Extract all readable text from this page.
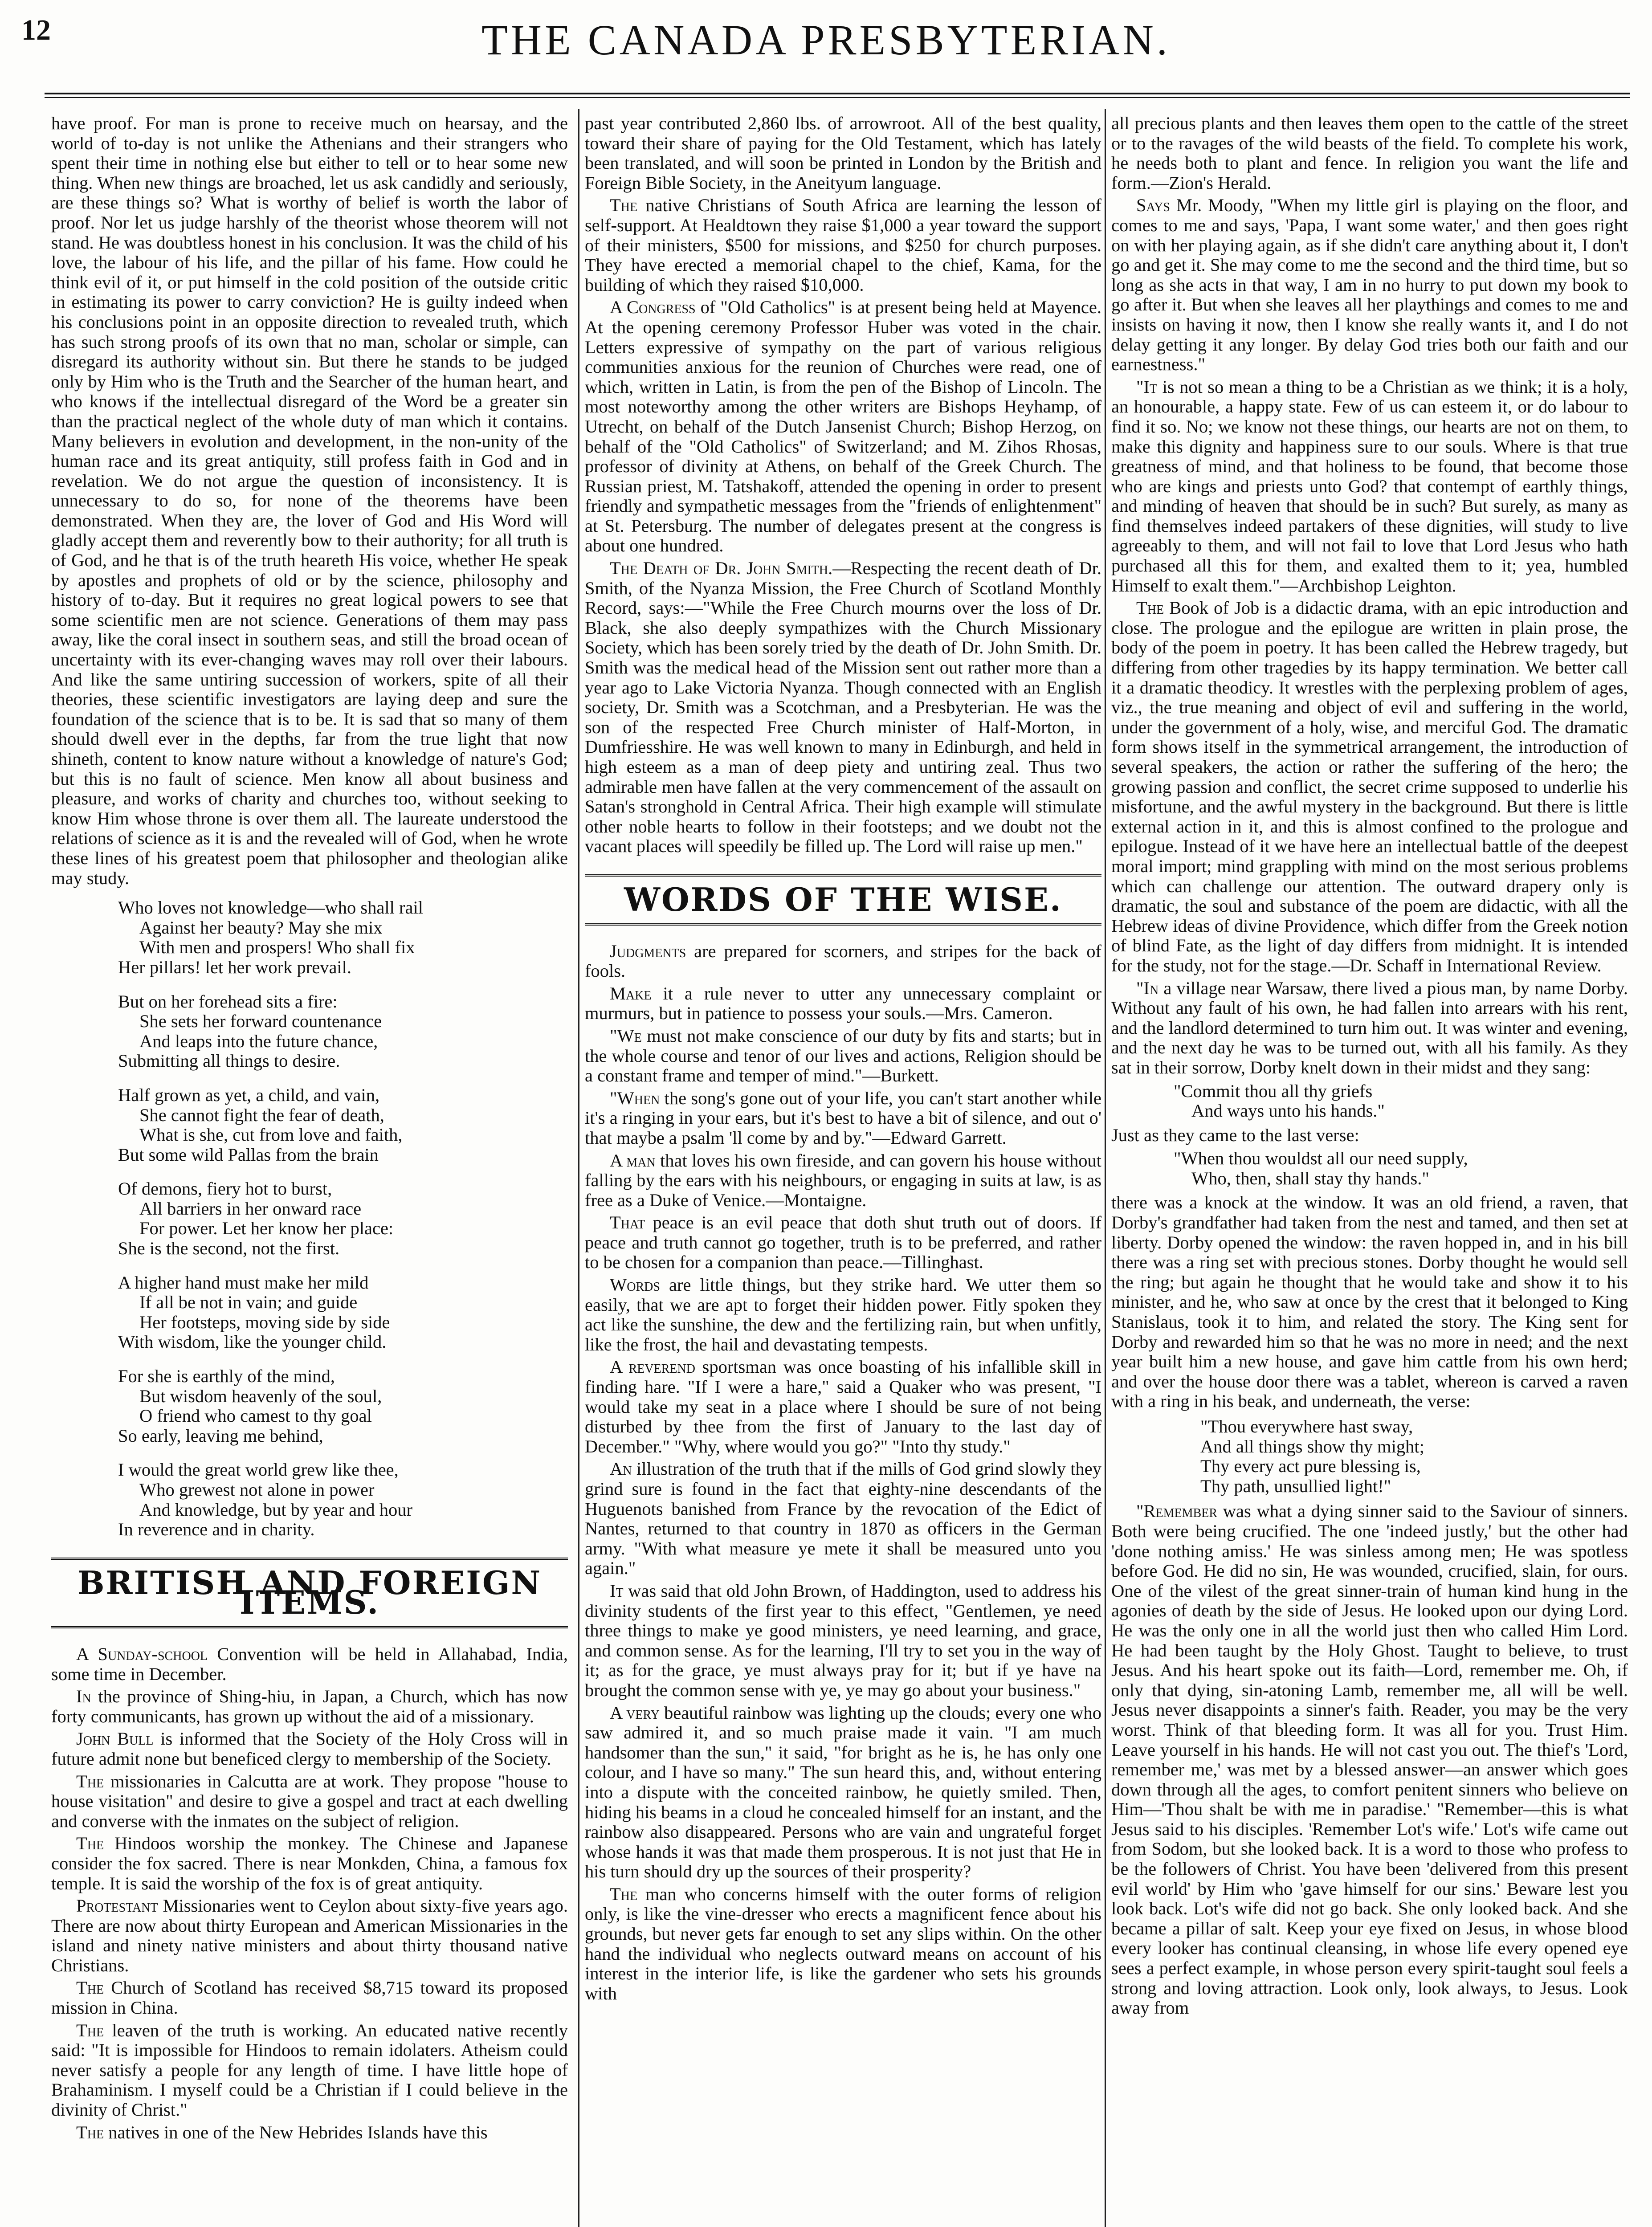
12	THE CANADA PRESBYTERIAN.

have proof. For man is prone to receive much on hearsay, and the world of to-day is not unlike the Athenians and their strangers who spent their time in nothing else but either to tell or to hear some new thing. When new things are broached, let us ask candidly and seriously, are these things so? What is worthy of belief is worth the labor of proof. Nor let us judge harshly of the theorist whose theorem will not stand. He was doubtless honest in his conclusion. It was the child of his love, the labour of his life, and the pillar of his fame. How could he think evil of it, or put himself in the cold position of the outside critic in estimating its power to carry conviction? He is guilty indeed when his conclusions point in an opposite direction to revealed truth, which has such strong proofs of its own that no man, scholar or simple, can disregard its authority without sin. But there he stands to be judged only by Him who is the Truth and the Searcher of the human heart, and who knows if the intellectual disregard of the Word be a greater sin than the practical neglect of the whole duty of man which it contains. Many believers in evolution and development, in the non-unity of the human race and its great antiquity, still profess faith in God and in revelation. We do not argue the question of inconsistency. It is unnecessary to do so, for none of the theorems have been demonstrated. When they are, the lover of God and His Word will gladly accept them and reverently bow to their authority; for all truth is of God, and he that is of the truth heareth His voice, whether He speak by apostles and prophets of old or by the science, philosophy and history of to-day. But it requires no great logical powers to see that some scientific men are not science. Generations of them may pass away, like the coral insect in southern seas, and still the broad ocean of uncertainty with its ever-changing waves may roll over their labours. And like the same untiring succession of workers, spite of all their theories, these scientific investigators are laying deep and sure the foundation of the science that is to be. It is sad that so many of them should dwell ever in the depths, far from the true light that now shineth, content to know nature without a knowledge of nature's God; but this is no fault of science. Men know all about business and pleasure, and works of charity and churches too, without seeking to know Him whose throne is over them all. The laureate understood the relations of science as it is and the revealed will of God, when he wrote these lines of his greatest poem that philosopher and theologian alike may study.

Who loves not knowledge—who shall rail
Against her beauty? May she mix
With men and prospers! Who shall fix
Her pillars! let her work prevail.
But on her forehead sits a fire:
She sets her forward countenance
And leaps into the future chance,
Submitting all things to desire.
Half grown as yet, a child, and vain,
She cannot fight the fear of death,
What is she, cut from love and faith,
But some wild Pallas from the brain
Of demons, fiery hot to burst,
All barriers in her onward race
For power. Let her know her place:
She is the second, not the first.
A higher hand must make her mild
If all be not in vain; and guide
Her footsteps, moving side by side
With wisdom, like the younger child.
For she is earthly of the mind,
But wisdom heavenly of the soul,
O friend who camest to thy goal
So early, leaving me behind,
I would the great world grew like thee,
Who grewest not alone in power
And knowledge, but by year and hour
In reverence and in charity.
BRITISH AND FOREIGN ITEMS.

A Sunday-school Convention will be held in Allahabad, India, some time in December.

In the province of Shing-hiu, in Japan, a Church, which has now forty communicants, has grown up without the aid of a missionary.

John Bull is informed that the Society of the Holy Cross will in future admit none but beneficed clergy to membership of the Society.

The missionaries in Calcutta are at work. They propose "house to house visitation" and desire to give a gospel and tract at each dwelling and converse with the inmates on the subject of religion.

The Hindoos worship the monkey. The Chinese and Japanese consider the fox sacred. There is near Monkden, China, a famous fox temple. It is said the worship of the fox is of great antiquity.

Protestant Missionaries went to Ceylon about sixty-five years ago. There are now about thirty European and American Missionaries in the island and ninety native ministers and about thirty thousand native Christians.

The Church of Scotland has received $8,715 toward its proposed mission in China.

The leaven of the truth is working. An educated native recently said: "It is impossible for Hindoos to remain idolaters. Atheism could never satisfy a people for any length of time. I have little hope of Brahaminism. I myself could be a Christian if I could believe in the divinity of Christ."

The natives in one of the New Hebrides Islands have this

past year contributed 2,860 lbs. of arrowroot. All of the best quality, toward their share of paying for the Old Testament, which has lately been translated, and will soon be printed in London by the British and Foreign Bible Society, in the Aneityum language.

The native Christians of South Africa are learning the lesson of self-support. At Healdtown they raise $1,000 a year toward the support of their ministers, $500 for missions, and $250 for church purposes. They have erected a memorial chapel to the chief, Kama, for the building of which they raised $10,000.

A Congress of "Old Catholics" is at present being held at Mayence. At the opening ceremony Professor Huber was voted in the chair. Letters expressive of sympathy on the part of various religious communities anxious for the reunion of Churches were read, one of which, written in Latin, is from the pen of the Bishop of Lincoln. The most noteworthy among the other writers are Bishops Heyhamp, of Utrecht, on behalf of the Dutch Jansenist Church; Bishop Herzog, on behalf of the "Old Catholics" of Switzerland; and M. Zihos Rhosas, professor of divinity at Athens, on behalf of the Greek Church. The Russian priest, M. Tatshakoff, attended the opening in order to present friendly and sympathetic messages from the "friends of enlightenment" at St. Petersburg. The number of delegates present at the congress is about one hundred.

The Death of Dr. John Smith.—Respecting the recent death of Dr. Smith, of the Nyanza Mission, the Free Church of Scotland Monthly Record, says:—"While the Free Church mourns over the loss of Dr. Black, she also deeply sympathizes with the Church Missionary Society, which has been sorely tried by the death of Dr. John Smith. Dr. Smith was the medical head of the Mission sent out rather more than a year ago to Lake Victoria Nyanza. Though connected with an English society, Dr. Smith was a Scotchman, and a Presbyterian. He was the son of the respected Free Church minister of Half-Morton, in Dumfriesshire. He was well known to many in Edinburgh, and held in high esteem as a man of deep piety and untiring zeal. Thus two admirable men have fallen at the very commencement of the assault on Satan's stronghold in Central Africa. Their high example will stimulate other noble hearts to follow in their footsteps; and we doubt not the vacant places will speedily be filled up. The Lord will raise up men."

WORDS OF THE WISE.

Judgments are prepared for scorners, and stripes for the back of fools.

Make it a rule never to utter any unnecessary complaint or murmurs, but in patience to possess your souls.—Mrs. Cameron.

"We must not make conscience of our duty by fits and starts; but in the whole course and tenor of our lives and actions, Religion should be a constant frame and temper of mind."—Burkett.

"When the song's gone out of your life, you can't start another while it's a ringing in your ears, but it's best to have a bit of silence, and out o' that maybe a psalm 'll come by and by."—Edward Garrett.

A man that loves his own fireside, and can govern his house without falling by the ears with his neighbours, or engaging in suits at law, is as free as a Duke of Venice.—Montaigne.

That peace is an evil peace that doth shut truth out of doors. If peace and truth cannot go together, truth is to be preferred, and rather to be chosen for a companion than peace.—Tillinghast.

Words are little things, but they strike hard. We utter them so easily, that we are apt to forget their hidden power. Fitly spoken they act like the sunshine, the dew and the fertilizing rain, but when unfitly, like the frost, the hail and devastating tempests.

A reverend sportsman was once boasting of his infallible skill in finding hare. "If I were a hare," said a Quaker who was present, "I would take my seat in a place where I should be sure of not being disturbed by thee from the first of January to the last day of December." "Why, where would you go?" "Into thy study."

An illustration of the truth that if the mills of God grind slowly they grind sure is found in the fact that eighty-nine descendants of the Huguenots banished from France by the revocation of the Edict of Nantes, returned to that country in 1870 as officers in the German army. "With what measure ye mete it shall be measured unto you again."

It was said that old John Brown, of Haddington, used to address his divinity students of the first year to this effect, "Gentlemen, ye need three things to make ye good ministers, ye need learning, and grace, and common sense. As for the learning, I'll try to set you in the way of it; as for the grace, ye must always pray for it; but if ye have na brought the common sense with ye, ye may go about your business."

A very beautiful rainbow was lighting up the clouds; every one who saw admired it, and so much praise made it vain. "I am much handsomer than the sun," it said, "for bright as he is, he has only one colour, and I have so many." The sun heard this, and, without entering into a dispute with the conceited rainbow, he quietly smiled. Then, hiding his beams in a cloud he concealed himself for an instant, and the rainbow also disappeared. Persons who are vain and ungrateful forget whose hands it was that made them prosperous. It is not just that He in his turn should dry up the sources of their prosperity?

The man who concerns himself with the outer forms of religion only, is like the vine-dresser who erects a magnificent fence about his grounds, but never gets far enough to set any slips within. On the other hand the individual who neglects outward means on account of his interest in the interior life, is like the gardener who sets his grounds with

all precious plants and then leaves them open to the cattle of the street or to the ravages of the wild beasts of the field. To complete his work, he needs both to plant and fence. In religion you want the life and form.—Zion's Herald.

Says Mr. Moody, "When my little girl is playing on the floor, and comes to me and says, 'Papa, I want some water,' and then goes right on with her playing again, as if she didn't care anything about it, I don't go and get it. She may come to me the second and the third time, but so long as she acts in that way, I am in no hurry to put down my book to go after it. But when she leaves all her playthings and comes to me and insists on having it now, then I know she really wants it, and I do not delay getting it any longer. By delay God tries both our faith and our earnestness."

"It is not so mean a thing to be a Christian as we think; it is a holy, an honourable, a happy state. Few of us can esteem it, or do labour to find it so. No; we know not these things, our hearts are not on them, to make this dignity and happiness sure to our souls. Where is that true greatness of mind, and that holiness to be found, that become those who are kings and priests unto God? that contempt of earthly things, and minding of heaven that should be in such? But surely, as many as find themselves indeed partakers of these dignities, will study to live agreeably to them, and will not fail to love that Lord Jesus who hath purchased all this for them, and exalted them to it; yea, humbled Himself to exalt them."—Archbishop Leighton.

The Book of Job is a didactic drama, with an epic introduction and close. The prologue and the epilogue are written in plain prose, the body of the poem in poetry. It has been called the Hebrew tragedy, but differing from other tragedies by its happy termination. We better call it a dramatic theodicy. It wrestles with the perplexing problem of ages, viz., the true meaning and object of evil and suffering in the world, under the government of a holy, wise, and merciful God. The dramatic form shows itself in the symmetrical arrangement, the introduction of several speakers, the action or rather the suffering of the hero; the growing passion and conflict, the secret crime supposed to underlie his misfortune, and the awful mystery in the background. But there is little external action in it, and this is almost confined to the prologue and epilogue. Instead of it we have here an intellectual battle of the deepest moral import; mind grappling with mind on the most serious problems which can challenge our attention. The outward drapery only is dramatic, the soul and substance of the poem are didactic, with all the Hebrew ideas of divine Providence, which differ from the Greek notion of blind Fate, as the light of day differs from midnight. It is intended for the study, not for the stage.—Dr. Schaff in International Review.

"In a village near Warsaw, there lived a pious man, by name Dorby. Without any fault of his own, he had fallen into arrears with his rent, and the landlord determined to turn him out. It was winter and evening, and the next day he was to be turned out, with all his family. As they sat in their sorrow, Dorby knelt down in their midst and they sang:

"Commit thou all thy griefs
And ways unto his hands."

Just as they came to the last verse:

"When thou wouldst all our need supply,
Who, then, shall stay thy hands."

there was a knock at the window. It was an old friend, a raven, that Dorby's grandfather had taken from the nest and tamed, and then set at liberty. Dorby opened the window: the raven hopped in, and in his bill there was a ring set with precious stones. Dorby thought he would sell the ring; but again he thought that he would take and show it to his minister, and he, who saw at once by the crest that it belonged to King Stanislaus, took it to him, and related the story. The King sent for Dorby and rewarded him so that he was no more in need; and the next year built him a new house, and gave him cattle from his own herd; and over the house door there was a tablet, whereon is carved a raven with a ring in his beak, and underneath, the verse:

"Thou everywhere hast sway,
And all things show thy might;
Thy every act pure blessing is,
Thy path, unsullied light!"

"Remember was what a dying sinner said to the Saviour of sinners. Both were being crucified. The one 'indeed justly,' but the other had 'done nothing amiss.' He was sinless among men; He was spotless before God. He did no sin, He was wounded, crucified, slain, for ours. One of the vilest of the great sinner-train of human kind hung in the agonies of death by the side of Jesus. He looked upon our dying Lord. He was the only one in all the world just then who called Him Lord. He had been taught by the Holy Ghost. Taught to believe, to trust Jesus. And his heart spoke out its faith—Lord, remember me. Oh, if only that dying, sin-atoning Lamb, remember me, all will be well. Jesus never disappoints a sinner's faith. Reader, you may be the very worst. Think of that bleeding form. It was all for you. Trust Him. Leave yourself in his hands. He will not cast you out. The thief's 'Lord, remember me,' was met by a blessed answer—an answer which goes down through all the ages, to comfort penitent sinners who believe on Him—'Thou shalt be with me in paradise.' "Remember—this is what Jesus said to his disciples. 'Remember Lot's wife.' Lot's wife came out from Sodom, but she looked back. It is a word to those who profess to be the followers of Christ. You have been 'delivered from this present evil world' by Him who 'gave himself for our sins.' Beware lest you look back. Lot's wife did not go back. She only looked back. And she became a pillar of salt. Keep your eye fixed on Jesus, in whose blood every looker has continual cleansing, in whose life every opened eye sees a perfect example, in whose person every spirit-taught soul feels a strong and loving attraction. Look only, look always, to Jesus. Look away from
